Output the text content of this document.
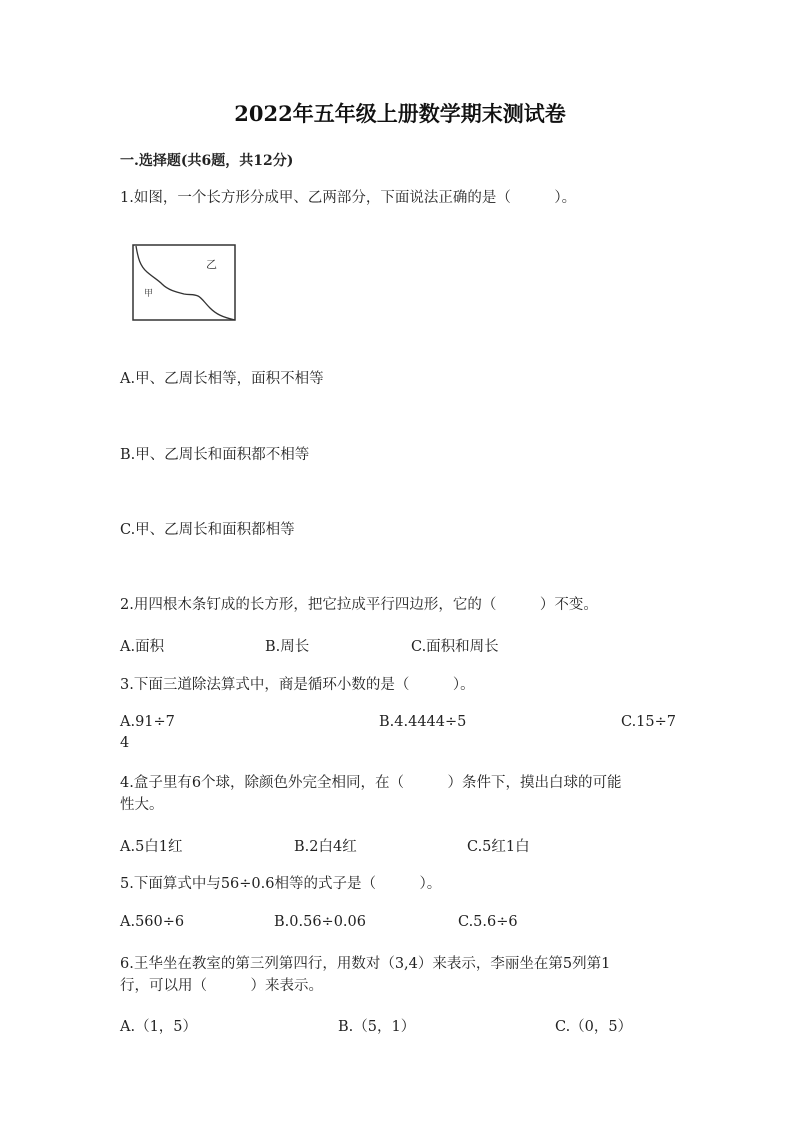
2022年五年级上册数学期末测试卷
一.选择题(共6题，共12分)
1.如图，一个长方形分成甲、乙两部分，下面说法正确的是（　　　）。
乙
甲
A.甲、乙周长相等，面积不相等
B.甲、乙周长和面积都不相等
C.甲、乙周长和面积都相等
2.用四根木条钉成的长方形，把它拉成平行四边形，它的（　　　）不变。
A.面积	B.周长	C.面积和周长
3.下面三道除法算式中，商是循环小数的是（　　　）。
A.91÷7	B.4.4444÷5	C.15÷7
4
4.盒子里有6个球，除颜色外完全相同，在（　　　）条件下，摸出白球的可能
性大。
A.5白1红	B.2白4红	C.5红1白
5.下面算式中与56÷0.6相等的式子是（　　　）。
A.560÷6	B.0.56÷0.06	C.5.6÷6
6.王华坐在教室的第三列第四行，用数对（3,4）来表示，李丽坐在第5列第1
行，可以用（　　　）来表示。
A.（1，5）	B.（5，1）	C.（0，5）
